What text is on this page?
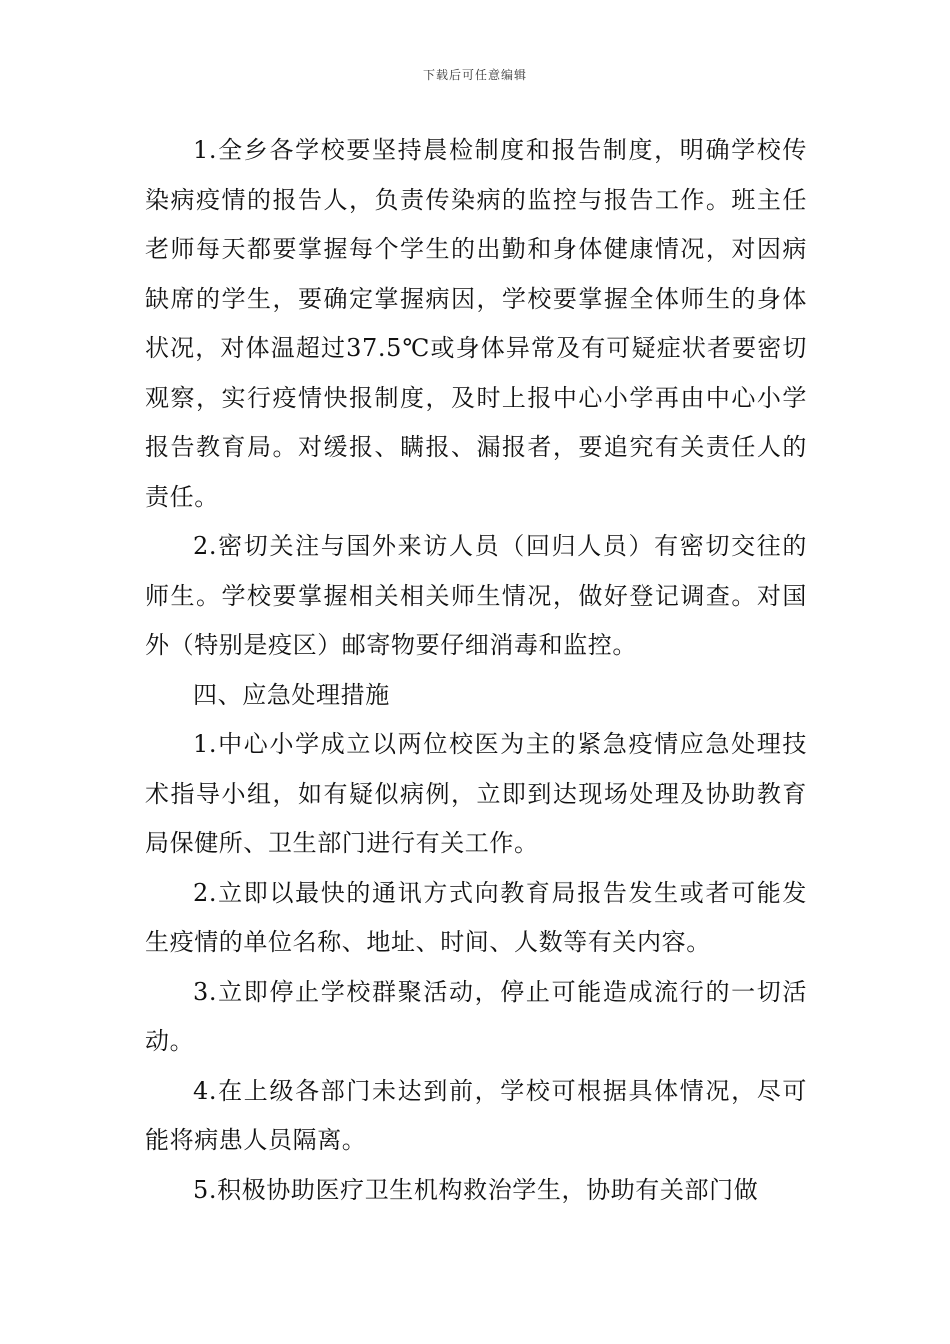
下载后可任意编辑

1.全乡各学校要坚持晨检制度和报告制度，明确学校传染病疫情的报告人，负责传染病的监控与报告工作。班主任老师每天都要掌握每个学生的出勤和身体健康情况，对因病缺席的学生，要确定掌握病因，学校要掌握全体师生的身体状况，对体温超过37.5℃或身体异常及有可疑症状者要密切观察，实行疫情快报制度，及时上报中心小学再由中心小学报告教育局。对缓报、瞒报、漏报者，要追究有关责任人的责任。

2.密切关注与国外来访人员（回归人员）有密切交往的师生。学校要掌握相关相关师生情况，做好登记调查。对国外（特别是疫区）邮寄物要仔细消毒和监控。

四、应急处理措施

1.中心小学成立以两位校医为主的紧急疫情应急处理技术指导小组，如有疑似病例，立即到达现场处理及协助教育局保健所、卫生部门进行有关工作。

2.立即以最快的通讯方式向教育局报告发生或者可能发生疫情的单位名称、地址、时间、人数等有关内容。

3.立即停止学校群聚活动，停止可能造成流行的一切活动。

4.在上级各部门未达到前，学校可根据具体情况，尽可能将病患人员隔离。

5.积极协助医疗卫生机构救治学生，协助有关部门做
